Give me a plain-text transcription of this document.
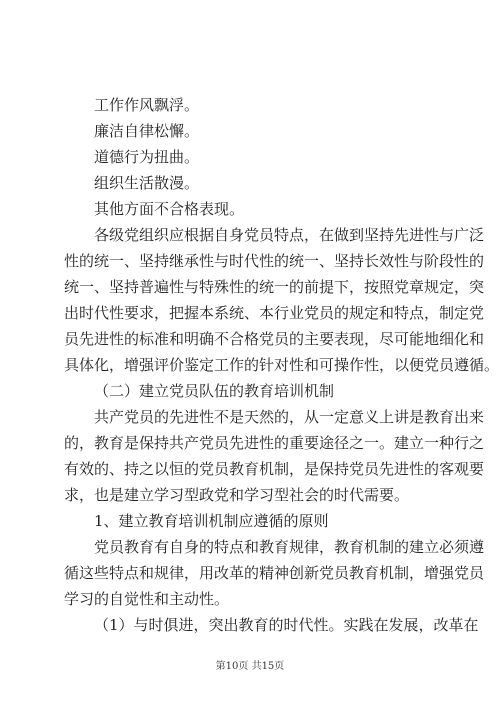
工作作风飘浮。

廉洁自律松懈。

道德行为扭曲。

组织生活散漫。

其他方面不合格表现。

各级党组织应根据自身党员特点，在做到坚持先进性与广泛

性的统一、坚持继承性与时代性的统一、坚持长效性与阶段性的

统一、坚持普遍性与特殊性的统一的前提下，按照党章规定，突

出时代性要求，把握本系统、本行业党员的规定和特点，制定党

员先进性的标准和明确不合格党员的主要表现，尽可能地细化和

具体化，增强评价鉴定工作的针对性和可操作性，以便党员遵循。

（二）建立党员队伍的教育培训机制

共产党员的先进性不是天然的，从一定意义上讲是教育出来

的，教育是保持共产党员先进性的重要途径之一。建立一种行之

有效的、持之以恒的党员教育机制，是保持党员先进性的客观要

求，也是建立学习型政党和学习型社会的时代需要。

1、建立教育培训机制应遵循的原则

党员教育有自身的特点和教育规律，教育机制的建立必须遵

循这些特点和规律，用改革的精神创新党员教育机制，增强党员

学习的自觉性和主动性。

（1）与时俱进，突出教育的时代性。实践在发展，改革在

第10页 共15页
